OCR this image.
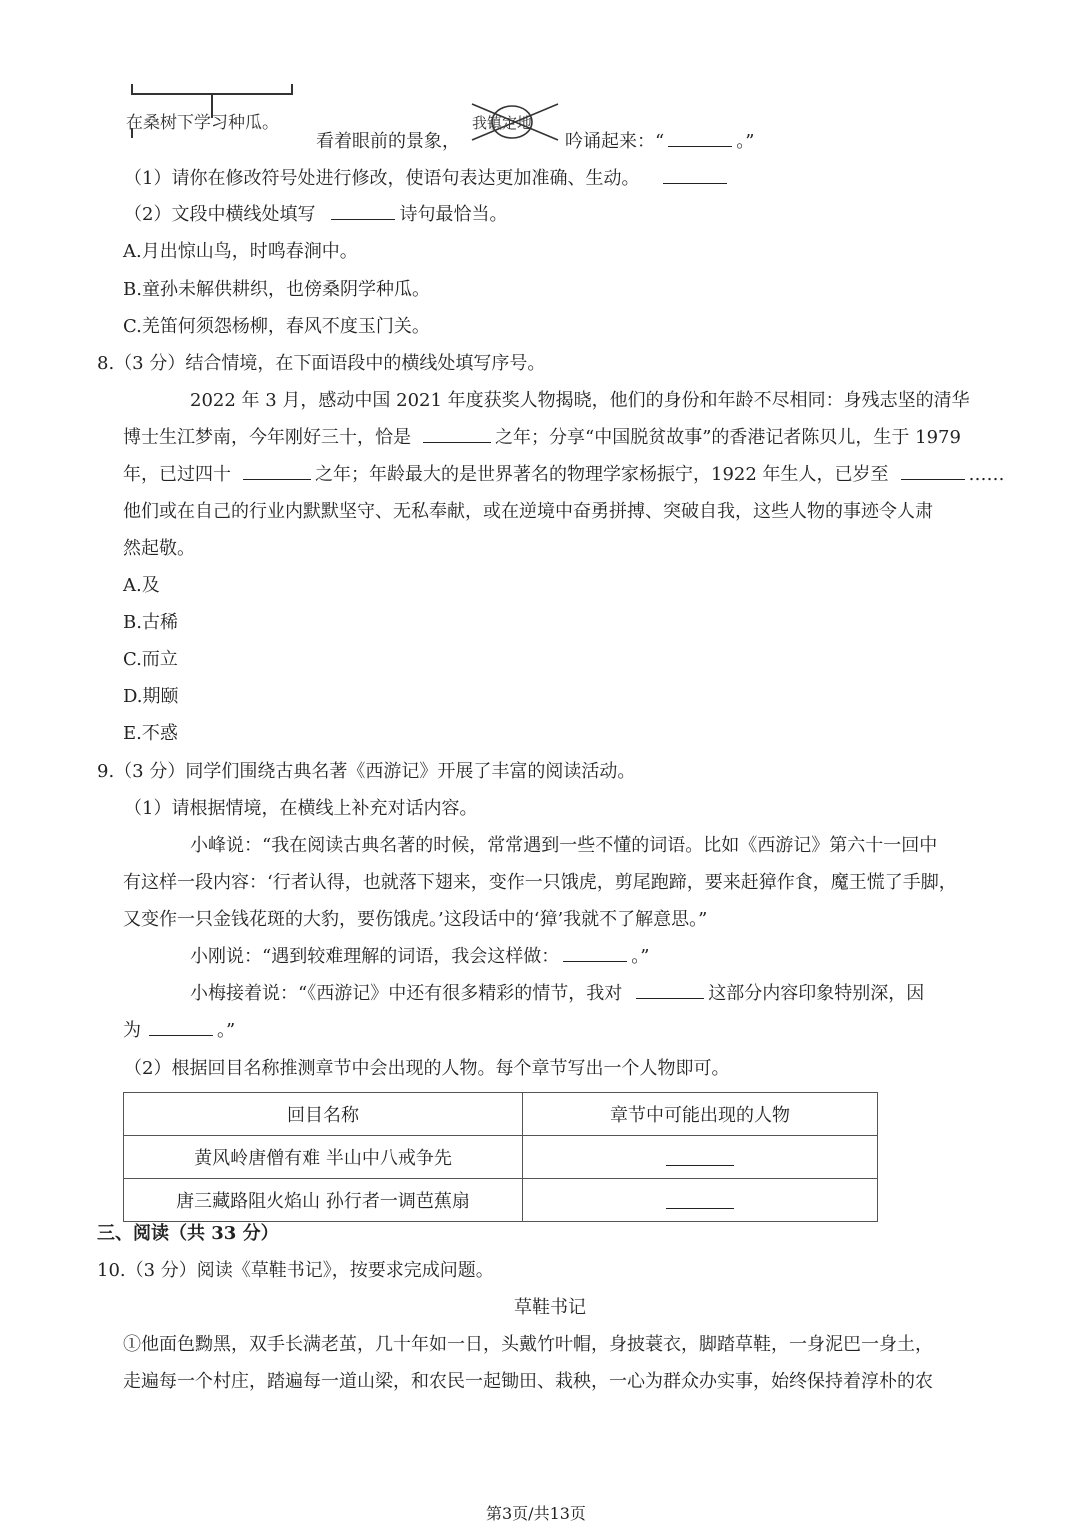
在桑树下学习种瓜。	我镇定地
看着眼前的景象，	吟诵起来：“	。”
（1）请你在修改符号处进行修改，使语句表达更加准确、生动。
（2）文段中横线处填写	诗句最恰当。
A.月出惊山鸟，时鸣春涧中。
B.童孙未解供耕织，也傍桑阴学种瓜。
C.羌笛何须怨杨柳，春风不度玉门关。
8.（3 分）结合情境，在下面语段中的横线处填写序号。
2022 年 3 月，感动中国 2021 年度获奖人物揭晓，他们的身份和年龄不尽相同：身残志坚的清华
博士生江梦南，今年刚好三十，恰是	之年；分享“中国脱贫故事”的香港记者陈贝儿，生于 1979
年，已过四十	之年；年龄最大的是世界著名的物理学家杨振宁，1922 年生人，已岁至	……
他们或在自己的行业内默默坚守、无私奉献，或在逆境中奋勇拼搏、突破自我，这些人物的事迹令人肃
然起敬。
A.及
B.古稀
C.而立
D.期颐
E.不惑
9.（3 分）同学们围绕古典名著《西游记》开展了丰富的阅读活动。
（1）请根据情境，在横线上补充对话内容。
小峰说：“我在阅读古典名著的时候，常常遇到一些不懂的词语。比如《西游记》第六十一回中
有这样一段内容：‘行者认得，也就落下翅来，变作一只饿虎，剪尾跑蹄，要来赶獐作食，魔王慌了手脚，
又变作一只金钱花斑的大豹，要伤饿虎。’这段话中的‘獐’我就不了解意思。”
小刚说：“遇到较难理解的词语，我会这样做：	。”
小梅接着说：“《西游记》中还有很多精彩的情节，我对	这部分内容印象特别深，因
为	。”
（2）根据回目名称推测章节中会出现的人物。每个章节写出一个人物即可。
回目名称	章节中可能出现的人物
黄风岭唐僧有难 半山中八戒争先	
唐三藏路阻火焰山 孙行者一调芭蕉扇	
三、阅读（共 33 分）
10.（3 分）阅读《草鞋书记》，按要求完成问题。
草鞋书记
①他面色黝黑，双手长满老茧，几十年如一日，头戴竹叶帽，身披蓑衣，脚踏草鞋，一身泥巴一身土，
走遍每一个村庄，踏遍每一道山梁，和农民一起锄田、栽秧，一心为群众办实事，始终保持着淳朴的农
第3页/共13页
